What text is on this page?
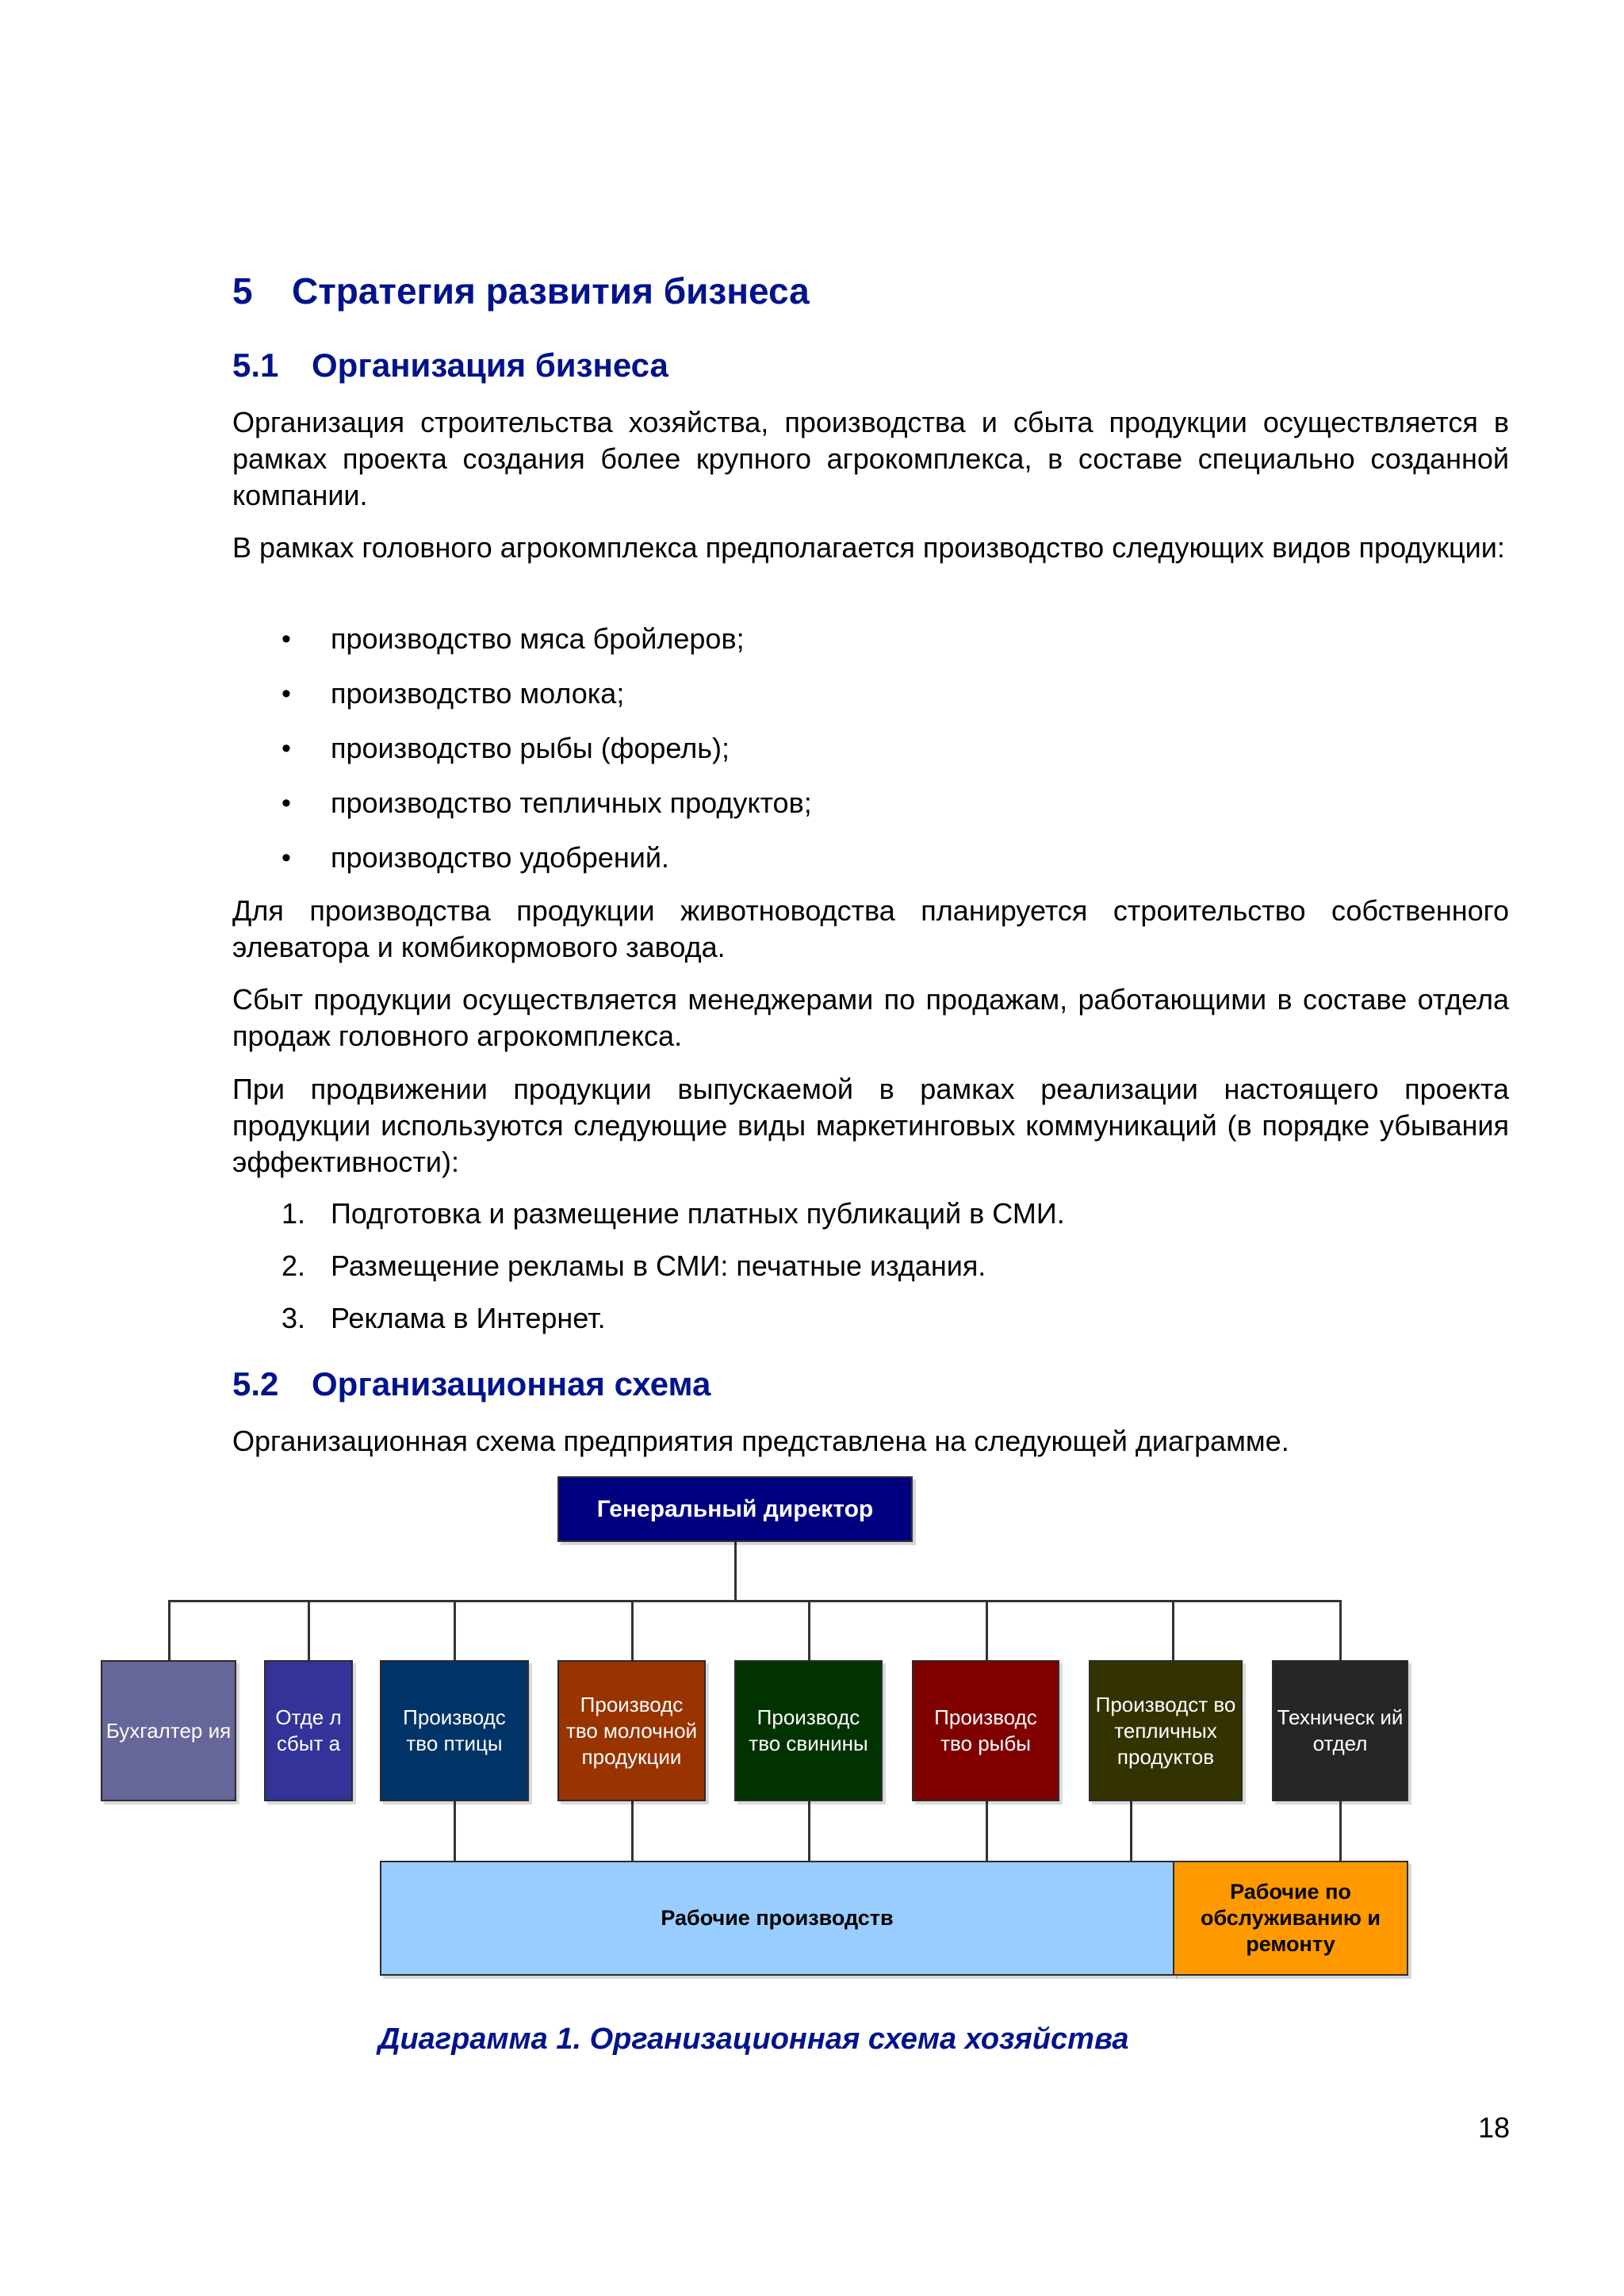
5 Стратегия развития бизнеса
5.1 Организация бизнеса

Организация строительства хозяйства, производства и сбыта продукции осуществляется в рамках проекта создания более крупного агрокомплекса, в составе специально созданной компании.

В рамках головного агрокомплекса предполагается производство следующих видов продукции:

• производство мяса бройлеров;
• производство молока;
• производство рыбы (форель);
• производство тепличных продуктов;
• производство удобрений.

Для производства продукции животноводства планируется строительство собственного элеватора и комбикормового завода.

Сбыт продукции осуществляется менеджерами по продажам, работающими в составе отдела продаж головного агрокомплекса.

При продвижении продукции выпускаемой в рамках реализации настоящего проекта продукции используются следующие виды маркетинговых коммуникаций (в порядке убывания эффективности):

1. Подготовка и размещение платных публикаций в СМИ.
2. Размещение рекламы в СМИ: печатные издания.
3. Реклама в Интернет.
5.2 Организационная схема

Организационная схема предприятия представлена на следующей диаграмме.

Генеральный директор
Бухгалтер ия
Отде л сбыт а
Производс тво птицы
Производс тво молочной продукции
Производс тво свинины
Производс тво рыбы
Производст во тепличных продуктов
Техническ ий отдел
Рабочие производств
Рабочие по обслуживанию и ремонту
Диаграмма 1. Организационная схема хозяйства
18
